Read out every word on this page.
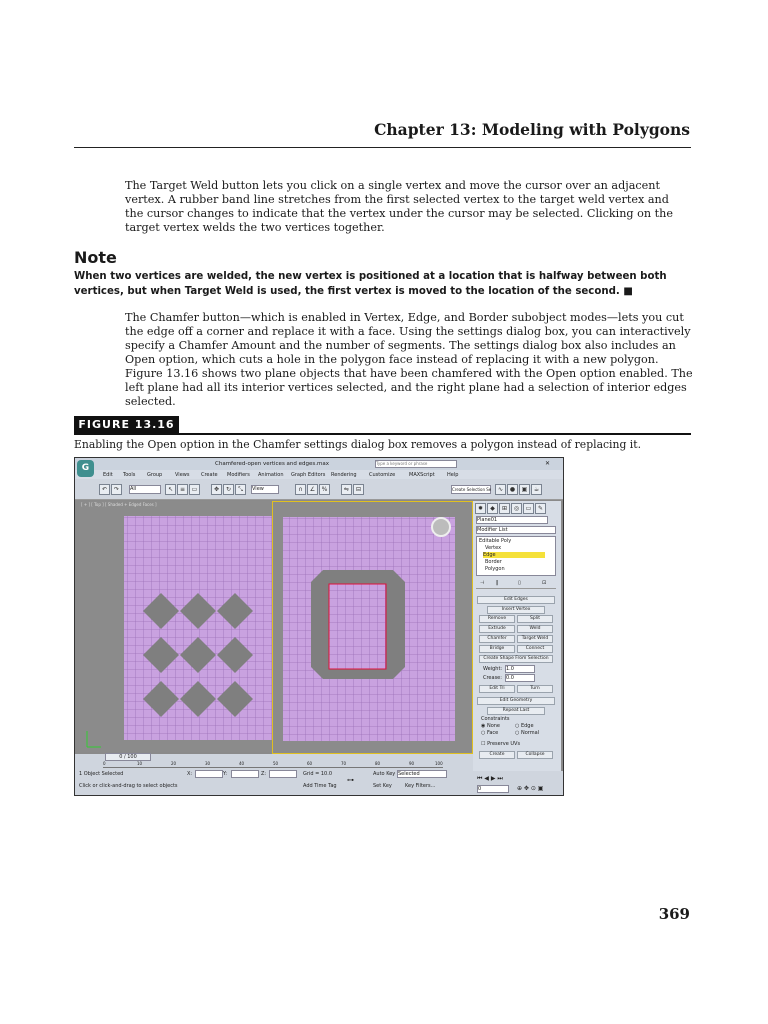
Chapter 13: Modeling with Polygons
The Target Weld button lets you click on a single vertex and move the cursor over an adjacent vertex. A rubber band line stretches from the first selected vertex to the target weld vertex and the cursor changes to indicate that the vertex under the cursor may be selected. Clicking on the target vertex welds the two vertices together.
Note
When two vertices are welded, the new vertex is positioned at a location that is halfway between both vertices, but when Target Weld is used, the first vertex is moved to the location of the second. ■
The Chamfer button—which is enabled in Vertex, Edge, and Border subobject modes—lets you cut the edge off a corner and replace it with a face. Using the settings dialog box, you can interactively specify a Chamfer Amount and the number of segments. The settings dialog box also includes an Open option, which cuts a hole in the polygon face instead of replacing it with a new polygon. Figure 13.16 shows two plane objects that have been chamfered with the Open option enabled. The left plane had all its interior vertices selected, and the right plane had a selection of interior edges selected.
FIGURE 13.16
Enabling the Open option in the Chamfer settings dialog box removes a polygon instead of replacing it.
Chamfered-open vertices and edges.max	Type a keyword or phrase	✕
Edit Tools Group	Views Create Modifiers Animation Graph Editors Rendering Customize	MAXScript Help
G
↶	↷	All	↖	≡	▭	✥	↻	⤡	View	∩	∠	%	⇋	⊟	Create Selection Se	∿	●	▣	☕
[ + ] [ Top ] [ Shaded + Edged Faces ]
✹	◆	⊞	◎	▭	✎
Plane01
Modifier List
Editable Poly
Vertex
Edge
Border
Polygon
⊣ ‖	▯	⊡
Edit Edges
Insert Vertex
Remove	Split
Extrude	Weld
Chamfer	Target Weld
Bridge	Connect
Create Shape From Selection
Weight: 1.0
Crease: 0.0
Edit Tri	Turn
Edit Geometry
Repeat Last
Constraints
◉ None	○ Edge
○ Face	○ Normal
☐ Preserve UVs
Create	Collapse
0 / 100
0	10	20	30	40	50	60	70	80	90	100
1 Object Selected
Click or click-and-drag to select objects
X:	Y:	Z:	Grid = 10.0
Add Time Tag
⊶
Auto Key Selected
Set Key	Key Filters...
⏮ ◀ ▶ ⏭
0	⊕ ✥ ⊙ ▣
369
